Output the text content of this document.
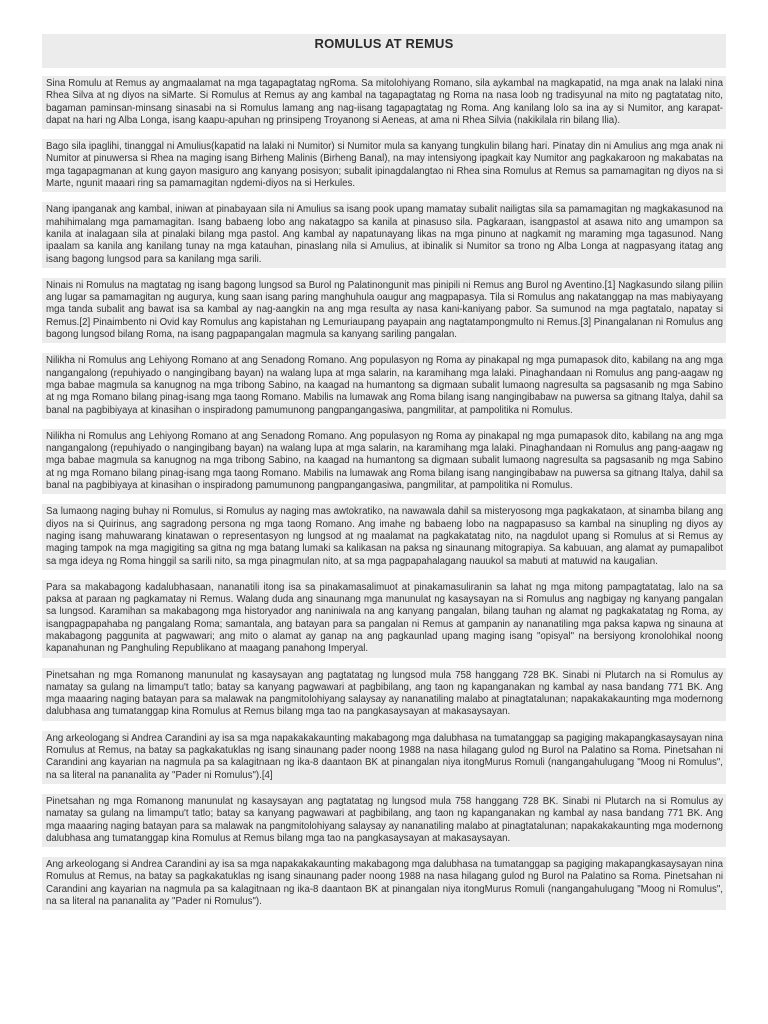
ROMULUS AT REMUS

Sina Romulu at Remus ay angmaalamat na mga tagapagtatag ngRoma. Sa mitolohiyang Romano, sila aykambal na magkapatid, na mga anak na lalaki nina Rhea Silva at ng diyos na siMarte. Si Romulus at Remus ay ang kambal na tagapagtatag ng Roma na nasa loob ng tradisyunal na mito ng pagtatatag nito, bagaman paminsan-minsang sinasabi na si Romulus lamang ang nag-iisang tagapagtatag ng Roma. Ang kanilang lolo sa ina ay si Numitor, ang karapat-dapat na hari ng Alba Longa, isang kaapu-apuhan ng prinsipeng Troyanong si Aeneas, at ama ni Rhea Silvia (nakikilala rin bilang Ilia).

Bago sila ipaglihi, tinanggal ni Amulius(kapatid na lalaki ni Numitor) si Numitor mula sa kanyang tungkulin bilang hari. Pinatay din ni Amulius ang mga anak ni Numitor at pinuwersa si Rhea na maging isang Birheng Malinis (Birheng Banal), na may intensiyong ipagkait kay Numitor ang pagkakaroon ng makabatas na mga tagapagmanan at kung gayon masiguro ang kanyang posisyon; subalit ipinagdalangtao ni Rhea sina Romulus at Remus sa pamamagitan ng diyos na si Marte, ngunit maaari ring sa pamamagitan ngdemi-diyos na si Herkules.

Nang ipanganak ang kambal, iniwan at pinabayaan sila ni Amulius sa isang pook upang mamatay subalit nailigtas sila sa pamamagitan ng magkakasunod na mahihimalang mga pamamagitan. Isang babaeng lobo ang nakatagpo sa kanila at pinasuso sila. Pagkaraan, isangpastol at asawa nito ang umampon sa kanila at inalagaan sila at pinalaki bilang mga pastol. Ang kambal ay napatunayang likas na mga pinuno at nagkamit ng maraming mga tagasunod. Nang ipaalam sa kanila ang kanilang tunay na mga katauhan, pinaslang nila si Amulius, at ibinalik si Numitor sa trono ng Alba Longa at nagpasyang itatag ang isang bagong lungsod para sa kanilang mga sarili.

Ninais ni Romulus na magtatag ng isang bagong lungsod sa Burol ng Palatinongunit mas pinipili ni Remus ang Burol ng Aventino.[1] Nagkasundo silang piliin ang lugar sa pamamagitan ng augurya, kung saan isang paring manghuhula oaugur ang magpapasya. Tila si Romulus ang nakatanggap na mas mabiyayang mga tanda subalit ang bawat isa sa kambal ay nag-aangkin na ang mga resulta ay nasa kani-kaniyang pabor. Sa sumunod na mga pagtatalo, napatay si Remus.[2] Pinaimbento ni Ovid kay Romulus ang kapistahan ng Lemuriaupang payapain ang nagtatampongmulto ni Remus.[3] Pinangalanan ni Romulus ang bagong lungsod bilang Roma, na isang pagpapangalan magmula sa kanyang sariling pangalan.

Nilikha ni Romulus ang Lehiyong Romano at ang Senadong Romano. Ang populasyon ng Roma ay pinakapal ng mga pumapasok dito, kabilang na ang mga nangangalong (repuhiyado o nangingibang bayan) na walang lupa at mga salarin, na karamihang mga lalaki. Pinaghandaan ni Romulus ang pang-aagaw ng mga babae magmula sa kanugnog na mga tribong Sabino, na kaagad na humantong sa digmaan subalit lumaong nagresulta sa pagsasanib ng mga Sabino at ng mga Romano bilang pinag-isang mga taong Romano. Mabilis na lumawak ang Roma bilang isang nangingibabaw na puwersa sa gitnang Italya, dahil sa banal na pagbibiyaya at kinasihan o inspiradong pamumunong pangpangangasiwa, pangmilitar, at pampolitika ni Romulus.

Nilikha ni Romulus ang Lehiyong Romano at ang Senadong Romano. Ang populasyon ng Roma ay pinakapal ng mga pumapasok dito, kabilang na ang mga nangangalong (repuhiyado o nangingibang bayan) na walang lupa at mga salarin, na karamihang mga lalaki. Pinaghandaan ni Romulus ang pang-aagaw ng mga babae magmula sa kanugnog na mga tribong Sabino, na kaagad na humantong sa digmaan subalit lumaong nagresulta sa pagsasanib ng mga Sabino at ng mga Romano bilang pinag-isang mga taong Romano. Mabilis na lumawak ang Roma bilang isang nangingibabaw na puwersa sa gitnang Italya, dahil sa banal na pagbibiyaya at kinasihan o inspiradong pamumunong pangpangangasiwa, pangmilitar, at pampolitika ni Romulus.

Sa lumaong naging buhay ni Romulus, si Romulus ay naging mas awtokratiko, na nawawala dahil sa misteryosong mga pagkakataon, at sinamba bilang ang diyos na si Quirinus, ang sagradong persona ng mga taong Romano. Ang imahe ng babaeng lobo na nagpapasuso sa kambal na sinupling ng diyos ay naging isang mahuwarang kinatawan o representasyon ng lungsod at ng maalamat na pagkakatatag nito, na nagdulot upang si Romulus at si Remus ay maging tampok na mga magigiting sa gitna ng mga batang lumaki sa kalikasan na paksa ng sinaunang mitograpiya. Sa kabuuan, ang alamat ay pumapalibot sa mga ideya ng Roma hinggil sa sarili nito, sa mga pinagmulan nito, at sa mga pagpapahalagang nauukol sa mabuti at matuwid na kaugalian.

Para sa makabagong kadalubhasaan, nananatili itong isa sa pinakamasalimuot at pinakamasuliranin sa lahat ng mga mitong pampagtatatag, lalo na sa paksa at paraan ng pagkamatay ni Remus. Walang duda ang sinaunang mga manunulat ng kasaysayan na si Romulus ang nagbigay ng kanyang pangalan sa lungsod. Karamihan sa makabagong mga historyador ang naniniwala na ang kanyang pangalan, bilang tauhan ng alamat ng pagkakatatag ng Roma, ay isangpagpapahaba ng pangalang Roma; samantala, ang batayan para sa pangalan ni Remus at gampanin ay nananatiling mga paksa kapwa ng sinauna at makabagong paggunita at pagwawari; ang mito o alamat ay ganap na ang pagkaunlad upang maging isang "opisyal" na bersiyong kronolohikal noong kapanahunan ng Panghuling Republikano at maagang panahong Imperyal.

Pinetsahan ng mga Romanong manunulat ng kasaysayan ang pagtatatag ng lungsod mula 758 hanggang 728 BK. Sinabi ni Plutarch na si Romulus ay namatay sa gulang na limampu't tatlo; batay sa kanyang pagwawari at pagbibilang, ang taon ng kapanganakan ng kambal ay nasa bandang 771 BK. Ang mga maaaring naging batayan para sa malawak na pangmitolohiyang salaysay ay nananatiling malabo at pinagtatalunan; napakakakaunting mga modernong dalubhasa ang tumatanggap kina Romulus at Remus bilang mga tao na pangkasaysayan at makasaysayan.

Ang arkeologang si Andrea Carandini ay isa sa mga napakakakaunting makabagong mga dalubhasa na tumatanggap sa pagiging makapangkasaysayan nina Romulus at Remus, na batay sa pagkakatuklas ng isang sinaunang pader noong 1988 na nasa hilagang gulod ng Burol na Palatino sa Roma. Pinetsahan ni Carandini ang kayarian na nagmula pa sa kalagitnaan ng ika-8 daantaon BK at pinangalan niya itongMurus Romuli (nangangahulugang "Moog ni Romulus", na sa literal na pananalita ay "Pader ni Romulus").[4]

Pinetsahan ng mga Romanong manunulat ng kasaysayan ang pagtatatag ng lungsod mula 758 hanggang 728 BK. Sinabi ni Plutarch na si Romulus ay namatay sa gulang na limampu't tatlo; batay sa kanyang pagwawari at pagbibilang, ang taon ng kapanganakan ng kambal ay nasa bandang 771 BK. Ang mga maaaring naging batayan para sa malawak na pangmitolohiyang salaysay ay nananatiling malabo at pinagtatalunan; napakakakaunting mga modernong dalubhasa ang tumatanggap kina Romulus at Remus bilang mga tao na pangkasaysayan at makasaysayan.

Ang arkeologang si Andrea Carandini ay isa sa mga napakakakaunting makabagong mga dalubhasa na tumatanggap sa pagiging makapangkasaysayan nina Romulus at Remus, na batay sa pagkakatuklas ng isang sinaunang pader noong 1988 na nasa hilagang gulod ng Burol na Palatino sa Roma. Pinetsahan ni Carandini ang kayarian na nagmula pa sa kalagitnaan ng ika-8 daantaon BK at pinangalan niya itongMurus Romuli (nangangahulugang "Moog ni Romulus", na sa literal na pananalita ay "Pader ni Romulus").
